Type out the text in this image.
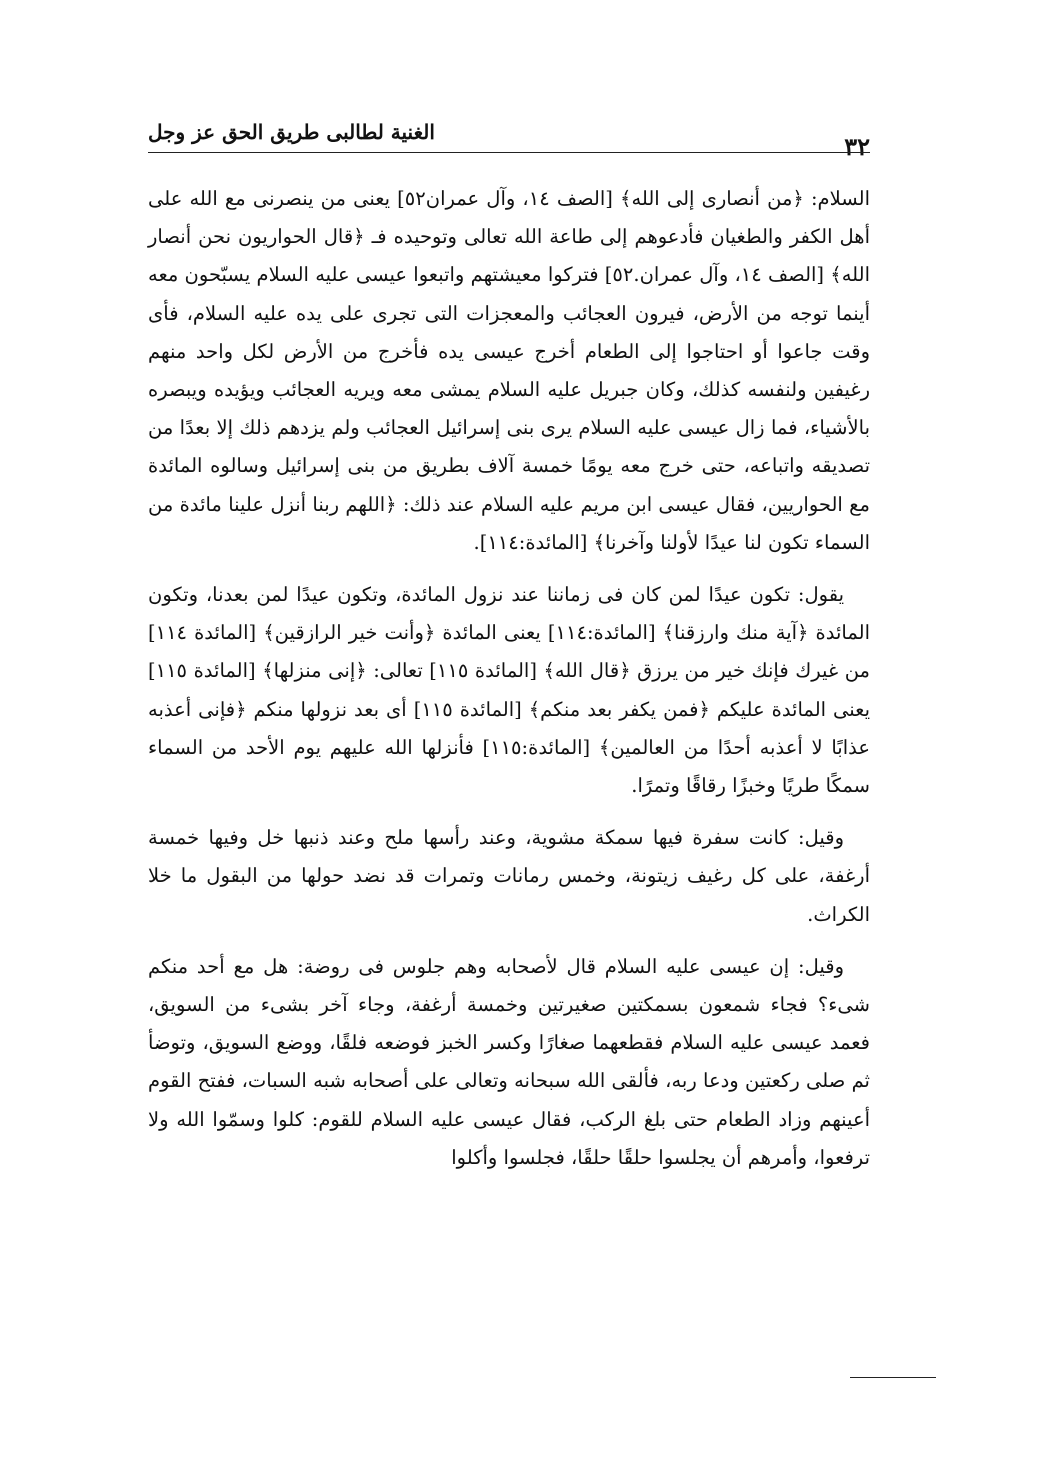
الغنية لطالبى طريق الحق عز وجل	٣٢

السلام: ﴿من أنصارى إلى الله﴾ [الصف ١٤، وآل عمران٥٢] يعنى من ينصرنى مع الله على أهل الكفر والطغيان فأدعوهم إلى طاعة الله تعالى وتوحيده فـ ﴿قال الحواريون نحن أنصار الله﴾ [الصف ١٤، وآل عمران.٥٢] فتركوا معيشتهم واتبعوا عيسى عليه السلام يسبّحون معه أينما توجه من الأرض، فيرون العجائب والمعجزات التى تجرى على يده عليه السلام، فأى وقت جاعوا أو احتاجوا إلى الطعام أخرج عيسى يده فأخرج من الأرض لكل واحد منهم رغيفين ولنفسه كذلك، وكان جبريل عليه السلام يمشى معه ويريه العجائب ويؤيده ويبصره بالأشياء، فما زال عيسى عليه السلام يرى بنى إسرائيل العجائب ولم يزدهم ذلك إلا بعدًا من تصديقه واتباعه، حتى خرج معه يومًا خمسة آلاف بطريق من بنى إسرائيل وسالوه المائدة مع الحواريين، فقال عيسى ابن مريم عليه السلام عند ذلك: ﴿اللهم ربنا أنزل علينا مائدة من السماء تكون لنا عيدًا لأولنا وآخرنا﴾ [المائدة:١١٤].

يقول: تكون عيدًا لمن كان فى زماننا عند نزول المائدة، وتكون عيدًا لمن بعدنا، وتكون المائدة ﴿آية منك وارزقنا﴾ [المائدة:١١٤] يعنى المائدة ﴿وأنت خير الرازقين﴾ [المائدة ١١٤] من غيرك فإنك خير من يرزق ﴿قال الله﴾ [المائدة ١١٥] تعالى: ﴿إنى منزلها﴾ [المائدة ١١٥] يعنى المائدة عليكم ﴿فمن يكفر بعد منكم﴾ [المائدة ١١٥] أى بعد نزولها منكم ﴿فإنى أعذبه عذابًا لا أعذبه أحدًا من العالمين﴾ [المائدة:١١٥] فأنزلها الله عليهم يوم الأحد من السماء سمكًا طريًا وخبزًا رقاقًا وتمرًا.

وقيل: كانت سفرة فيها سمكة مشوية، وعند رأسها ملح وعند ذنبها خل وفيها خمسة أرغفة، على كل رغيف زيتونة، وخمس رمانات وتمرات قد نضد حولها من البقول ما خلا الكراث.

وقيل: إن عيسى عليه السلام قال لأصحابه وهم جلوس فى روضة: هل مع أحد منكم شىء؟ فجاء شمعون بسمكتين صغيرتين وخمسة أرغفة، وجاء آخر بشىء من السويق، فعمد عيسى عليه السلام فقطعهما صغارًا وكسر الخبز فوضعه فلقًا، ووضع السويق، وتوضأ ثم صلى ركعتين ودعا ربه، فألقى الله سبحانه وتعالى على أصحابه شبه السبات، ففتح القوم أعينهم وزاد الطعام حتى بلغ الركب، فقال عيسى عليه السلام للقوم: كلوا وسمّوا الله ولا ترفعوا، وأمرهم أن يجلسوا حلقًا حلقًا، فجلسوا وأكلوا
